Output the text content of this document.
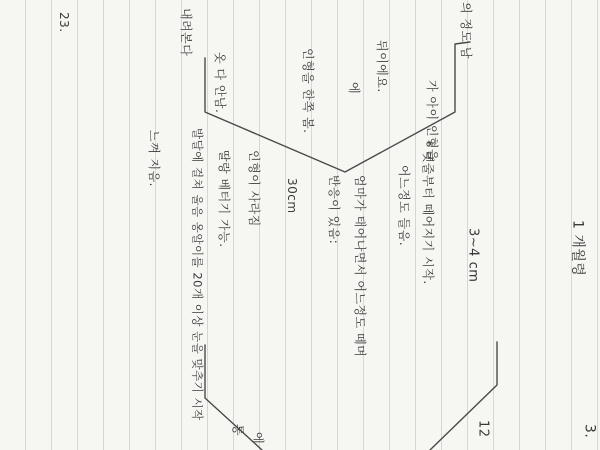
1 개월령
3~4 cm
* 탯줄부터 떼어지기 시작.
어느정도 들음.
엄마가 태어나면서 어느정도 떼며
반응이 있음:
30cm
인형이 사라짐
딸랑 베터기 가능.
발달에 걸쳐 울음 옹알이를 20개 이상 눈을 맞추기 시작
느껴 지음.
의 정도 남
가 아이 인형을
뒤이에요.
에
인형을 한쪽 봄.
옷 다 안남.
내려본다
23.
3.
12
통
에
